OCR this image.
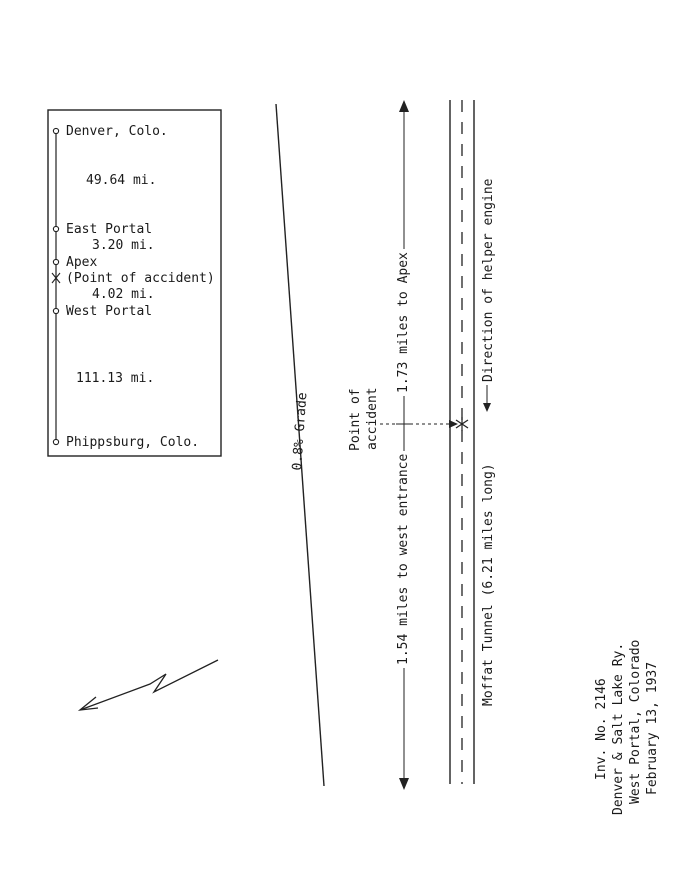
Denver, Colo.
49.64 mi.
East Portal
3.20 mi.
Apex
(Point of accident)
4.02 mi.
West Portal
111.13 mi.
Phippsburg, Colo.	0.8% Grade	Point of accident
1.54 miles to west entrance
1.73 miles to Apex
Moffat Tunnel (6.21 miles long)
Direction of helper engine
Inv. No. 2146 Denver & Salt Lake Ry. West Portal, Colorado February 13, 1937
